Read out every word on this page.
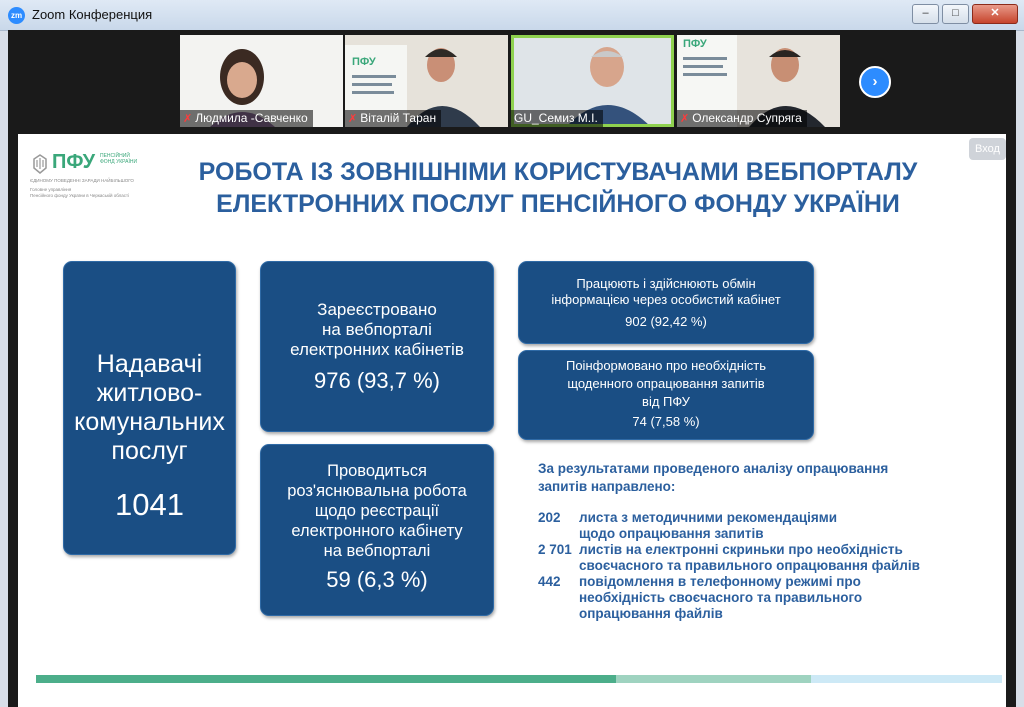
zm Zoom Конференция	–	□	✕
✗ Людмила -Савченко
ПФУ
✗ Віталій Таран	GU_Семиз М.І.
ПФУ
✗ Олександр Супряга
›
Вход
ПФУ ПЕНСІЙНИЙ ФОНД УКРАЇНИ
ЄДИНОМУ ПОВЕДЕННІ ЗАРАДИ НАЙБІЛЬШОГО
Головне управління
Пенсійного фонду України в Черкаській області
РОБОТА ІЗ ЗОВНІШНІМИ КОРИСТУВАЧАМИ ВЕБПОРТАЛУ
ЕЛЕКТРОННИХ ПОСЛУГ ПЕНСІЙНОГО ФОНДУ УКРАЇНИ
Надавачі
житлово-
комунальних
послуг
1041
Зареєстровано
на вебпорталі
електронних кабінетів
976 (93,7 %)
Проводиться
роз'яснювальна робота
щодо реєстрації
електронного кабінету
на вебпорталі
59 (6,3 %)
Працюють і здійснюють обмін
інформацією через особистий кабінет
902 (92,42 %)
Поінформовано про необхідність
щоденного опрацювання запитів
від ПФУ
74 (7,58 %)
За результатами проведеного аналізу опрацювання запитів направлено:
202 листа з методичними рекомендаціями
щодо опрацювання запитів
2 701 листів на електронні скриньки про необхідність
своєчасного та правильного опрацювання файлів
442 повідомлення в телефонному режимі про
необхідність своєчасного та правильного
опрацювання файлів
